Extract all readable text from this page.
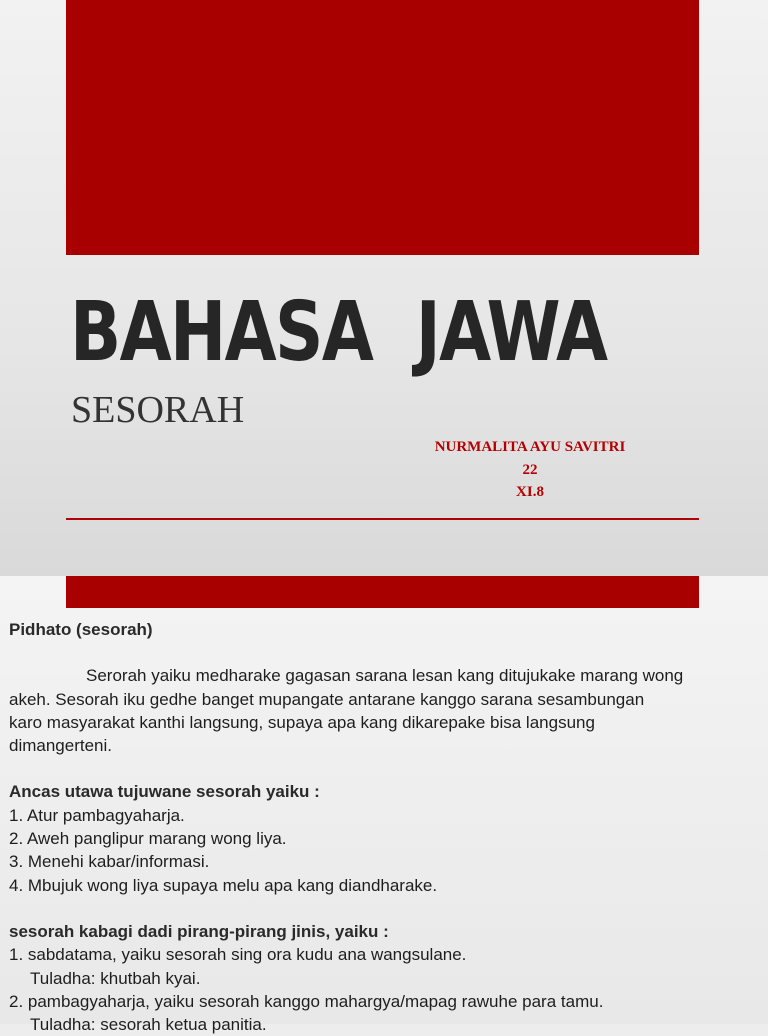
BAHASA  JAWA
SESORAH
NURMALITA AYU SAVITRI
22
XI.8

Pidhato (sesorah)

Serorah yaiku medharake gagasan sarana lesan kang ditujukake marang wong

akeh. Sesorah iku gedhe banget mupangate antarane kanggo sarana sesambungan

karo masyarakat kanthi langsung, supaya apa kang dikarepake bisa langsung

dimangerteni.

Ancas utawa tujuwane sesorah yaiku :

1. Atur pambagyaharja.

2. Aweh panglipur marang wong liya.

3. Menehi kabar/informasi.

4. Mbujuk wong liya supaya melu apa kang diandharake.

sesorah kabagi dadi pirang-pirang jinis, yaiku :

1. sabdatama, yaiku sesorah sing ora kudu ana wangsulane.

Tuladha: khutbah kyai.

2. pambagyaharja, yaiku sesorah kanggo mahargya/mapag rawuhe para tamu.

Tuladha: sesorah ketua panitia.
